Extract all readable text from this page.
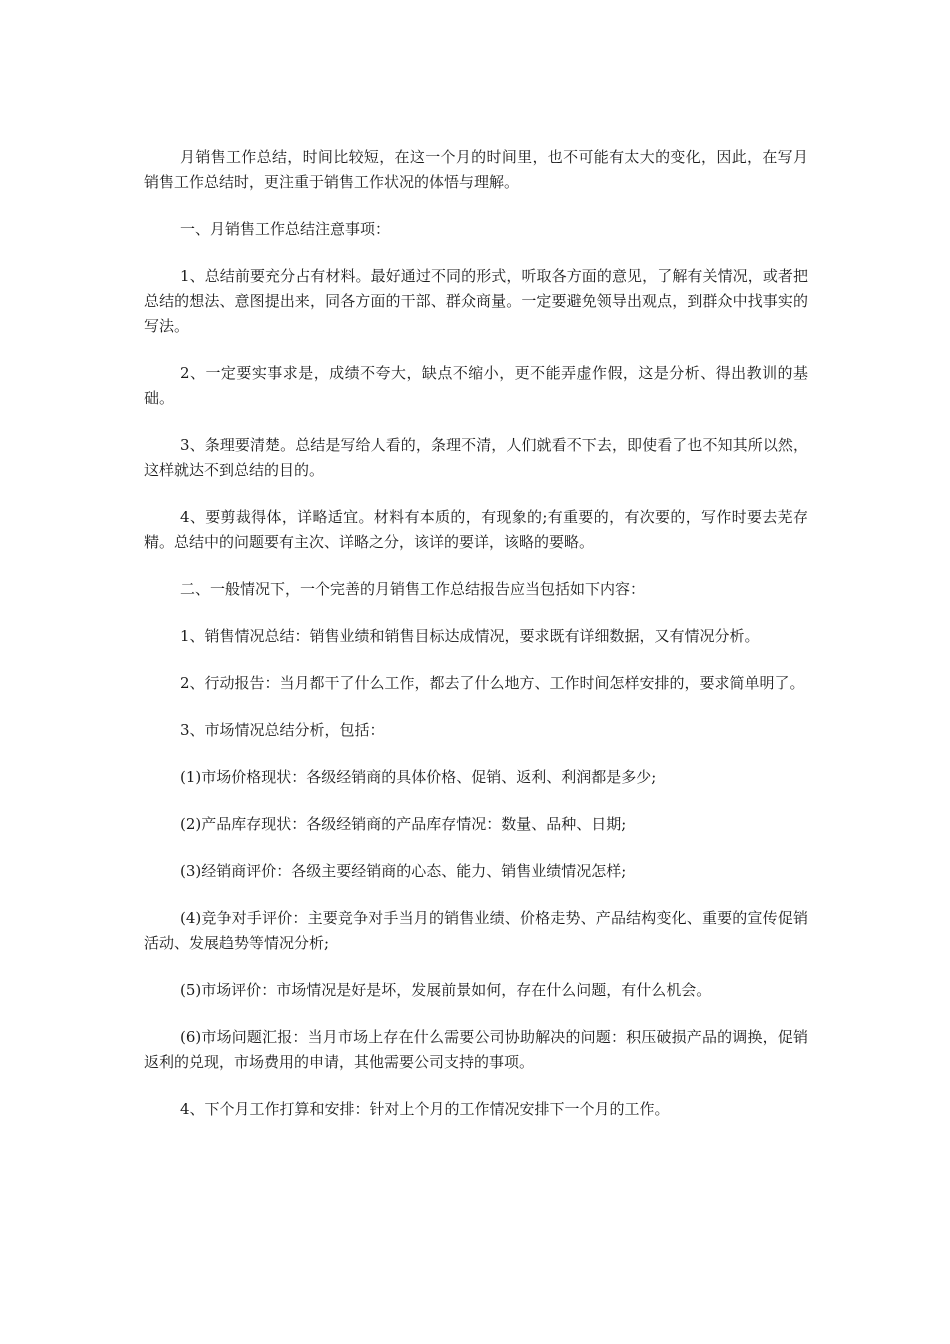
月销售工作总结，时间比较短，在这一个月的时间里，也不可能有太大的变化，因此，在写月销售工作总结时，更注重于销售工作状况的体悟与理解。

一、月销售工作总结注意事项：

1、总结前要充分占有材料。最好通过不同的形式，听取各方面的意见，了解有关情况，或者把总结的想法、意图提出来，同各方面的干部、群众商量。一定要避免领导出观点，到群众中找事实的写法。

2、一定要实事求是，成绩不夸大，缺点不缩小，更不能弄虚作假，这是分析、得出教训的基础。

3、条理要清楚。总结是写给人看的，条理不清，人们就看不下去，即使看了也不知其所以然，这样就达不到总结的目的。

4、要剪裁得体，详略适宜。材料有本质的，有现象的;有重要的，有次要的，写作时要去芜存精。总结中的问题要有主次、详略之分，该详的要详，该略的要略。

二、一般情况下，一个完善的月销售工作总结报告应当包括如下内容：

1、销售情况总结：销售业绩和销售目标达成情况，要求既有详细数据，又有情况分析。

2、行动报告：当月都干了什么工作，都去了什么地方、工作时间怎样安排的，要求简单明了。

3、市场情况总结分析，包括：

(1)市场价格现状：各级经销商的具体价格、促销、返利、利润都是多少;

(2)产品库存现状：各级经销商的产品库存情况：数量、品种、日期;

(3)经销商评价：各级主要经销商的心态、能力、销售业绩情况怎样;

(4)竞争对手评价：主要竞争对手当月的销售业绩、价格走势、产品结构变化、重要的宣传促销活动、发展趋势等情况分析;

(5)市场评价：市场情况是好是坏，发展前景如何，存在什么问题，有什么机会。

(6)市场问题汇报：当月市场上存在什么需要公司协助解决的问题：积压破损产品的调换，促销返利的兑现，市场费用的申请，其他需要公司支持的事项。

4、下个月工作打算和安排：针对上个月的工作情况安排下一个月的工作。
